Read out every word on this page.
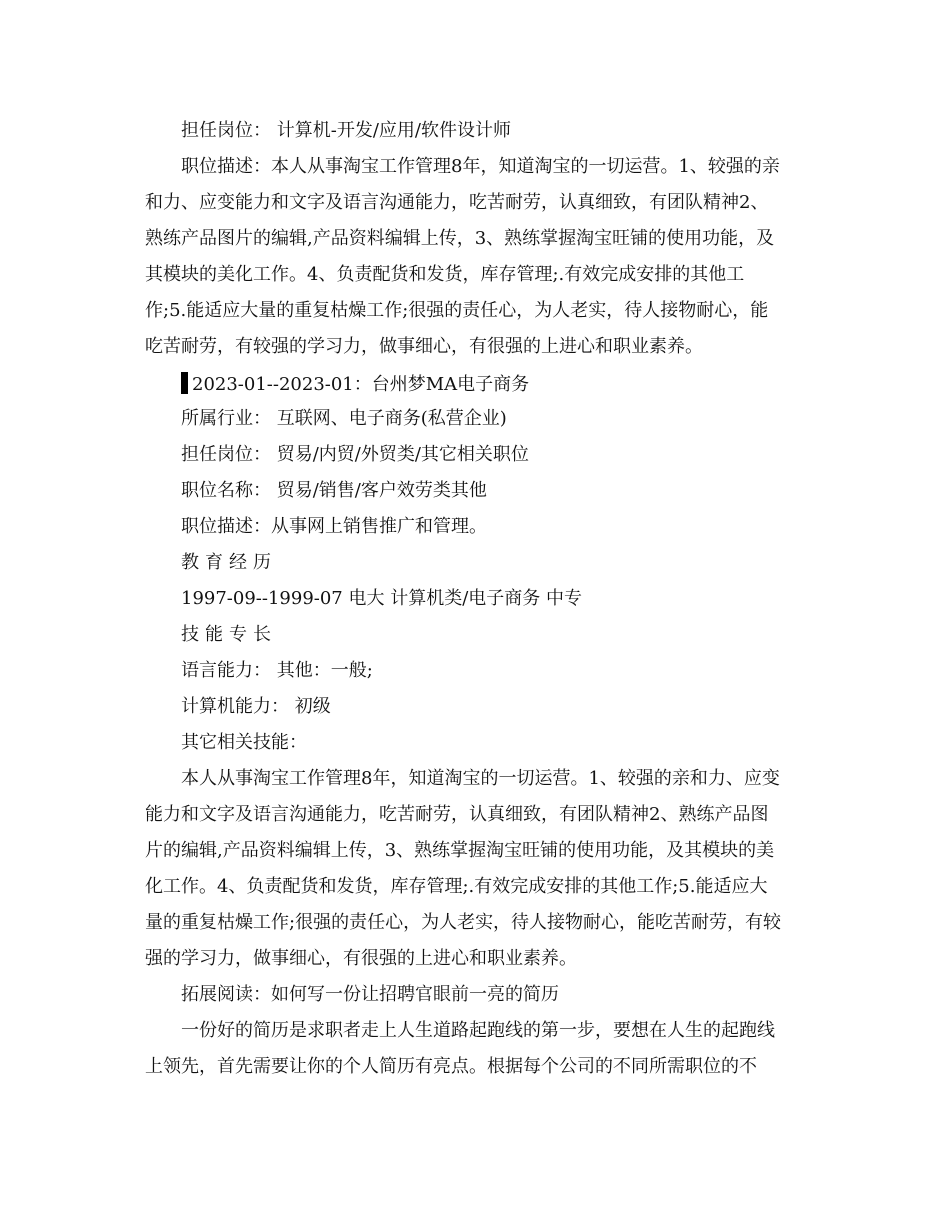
担任岗位： 计算机-开发/应用/软件设计师
职位描述：本人从事淘宝工作管理8年，知道淘宝的一切运营。1、较强的亲
和力、应变能力和文字及语言沟通能力，吃苦耐劳，认真细致，有团队精神2、
熟练产品图片的编辑,产品资料编辑上传，3、熟练掌握淘宝旺铺的使用功能，及
其模块的美化工作。4、负责配货和发货，库存管理;.有效完成安排的其他工
作;5.能适应大量的重复枯燥工作;很强的责任心，为人老实，待人接物耐心，能
吃苦耐劳，有较强的学习力，做事细心，有很强的上进心和职业素养。
2023-01--2023-01：台州梦MA电子商务
所属行业： 互联网、电子商务(私营企业)
担任岗位： 贸易/内贸/外贸类/其它相关职位
职位名称： 贸易/销售/客户效劳类其他
职位描述：从事网上销售推广和管理。
教育经历
1997-09--1999-07 电大 计算机类/电子商务 中专
技能专长
语言能力： 其他：一般;
计算机能力： 初级
其它相关技能：
本人从事淘宝工作管理8年，知道淘宝的一切运营。1、较强的亲和力、应变
能力和文字及语言沟通能力，吃苦耐劳，认真细致，有团队精神2、熟练产品图
片的编辑,产品资料编辑上传，3、熟练掌握淘宝旺铺的使用功能，及其模块的美
化工作。4、负责配货和发货，库存管理;.有效完成安排的其他工作;5.能适应大
量的重复枯燥工作;很强的责任心，为人老实，待人接物耐心，能吃苦耐劳，有较
强的学习力，做事细心，有很强的上进心和职业素养。
拓展阅读：如何写一份让招聘官眼前一亮的简历
一份好的简历是求职者走上人生道路起跑线的第一步，要想在人生的起跑线
上领先，首先需要让你的个人简历有亮点。根据每个公司的不同所需职位的不
